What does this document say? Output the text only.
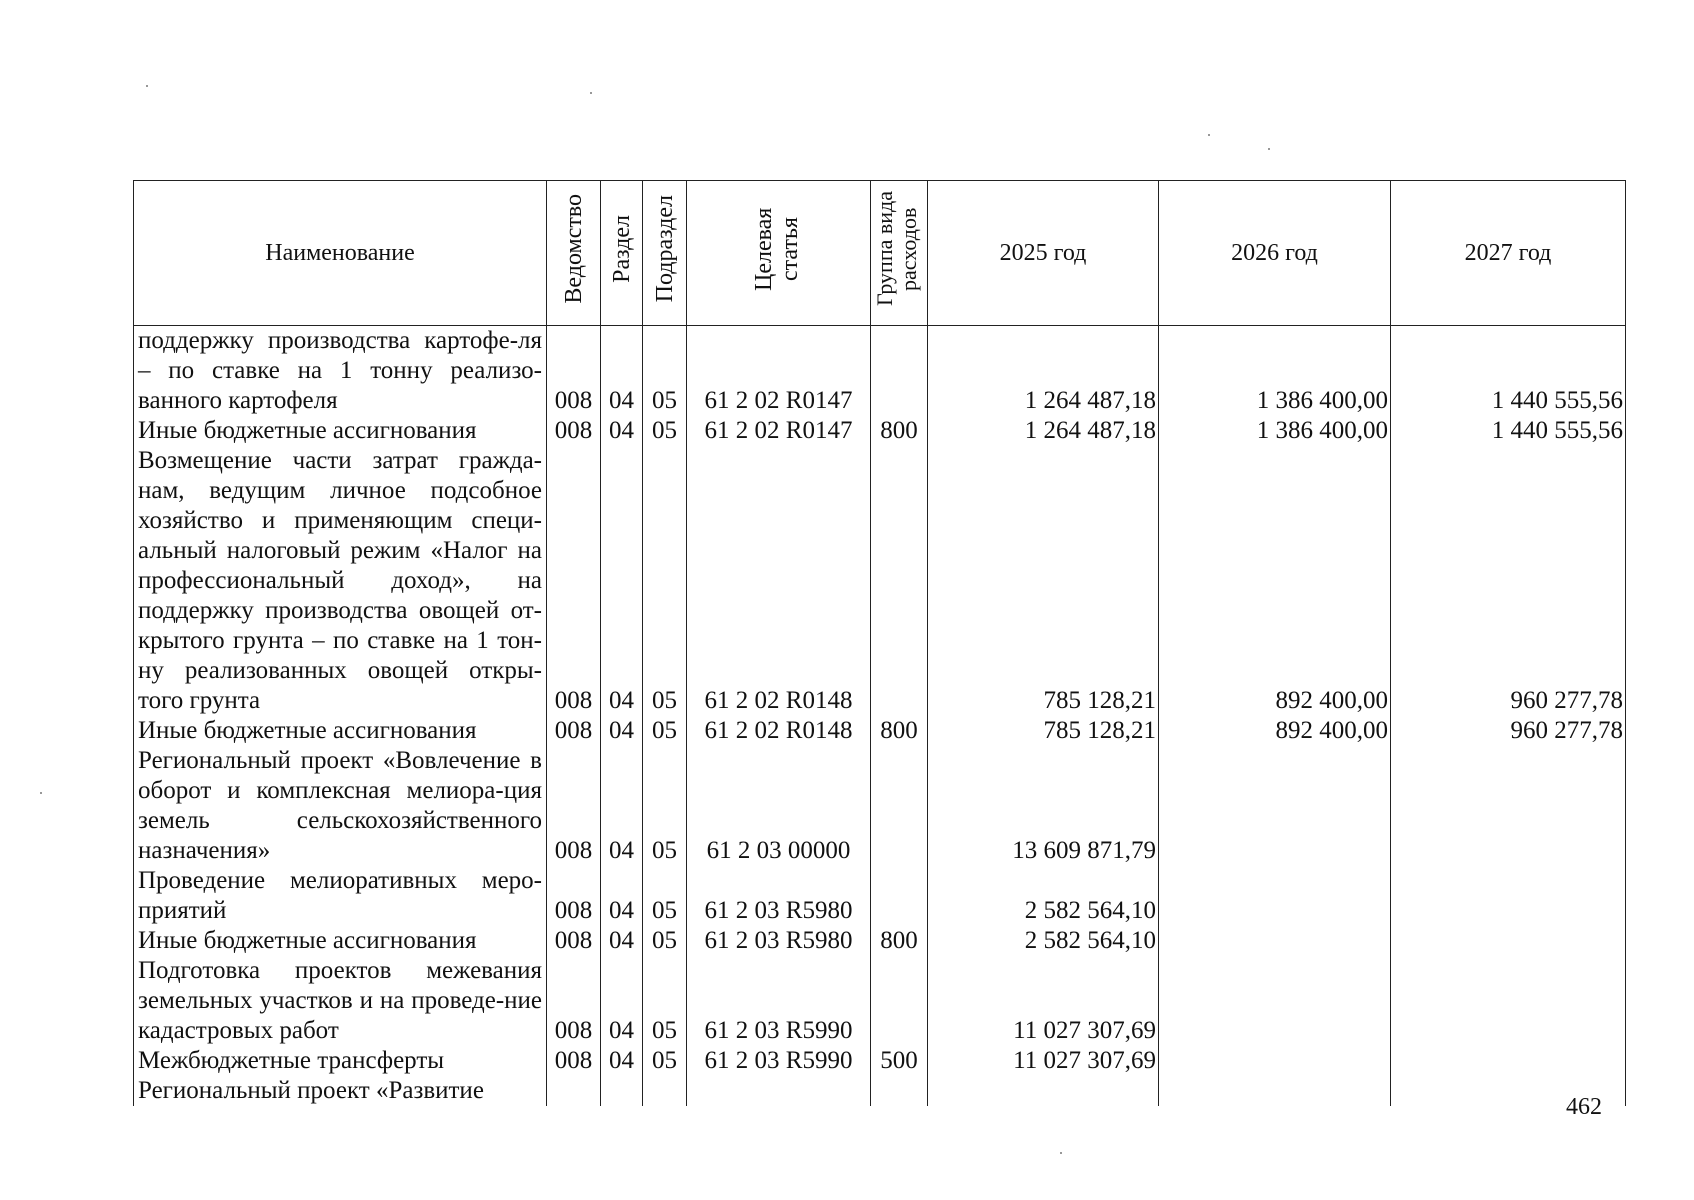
Наименование	Ведомство	Раздел	Подраздел	Целевая статья	Группа вида расходов	2025 год	2026 год	2027 год
поддержку производства картофе-ля – по ставке на 1 тонну реализо-ванного картофеля	008	04	05	61 2 02 R0147		1 264 487,18	1 386 400,00	1 440 555,56
Иные бюджетные ассигнования	008	04	05	61 2 02 R0147	800	1 264 487,18	1 386 400,00	1 440 555,56
Возмещение части затрат гражда-нам, ведущим личное подсобное хозяйство и применяющим специ-альный налоговый режим «Налог на профессиональный доход», на поддержку производства овощей от-крытого грунта – по ставке на 1 тон-ну реализованных овощей откры-того грунта	008	04	05	61 2 02 R0148		785 128,21	892 400,00	960 277,78
Иные бюджетные ассигнования	008	04	05	61 2 02 R0148	800	785 128,21	892 400,00	960 277,78
Региональный проект «Вовлечение в оборот и комплексная мелиора-ция земель сельскохозяйственного назначения»	008	04	05	61 2 03 00000		13 609 871,79		
Проведение мелиоративных меро-приятий	008	04	05	61 2 03 R5980		2 582 564,10		
Иные бюджетные ассигнования	008	04	05	61 2 03 R5980	800	2 582 564,10		
Подготовка проектов межевания земельных участков и на проведе-ние кадастровых работ	008	04	05	61 2 03 R5990		11 027 307,69		
Межбюджетные трансферты	008	04	05	61 2 03 R5990	500	11 027 307,69		
Региональный проект «Развитие								
462
